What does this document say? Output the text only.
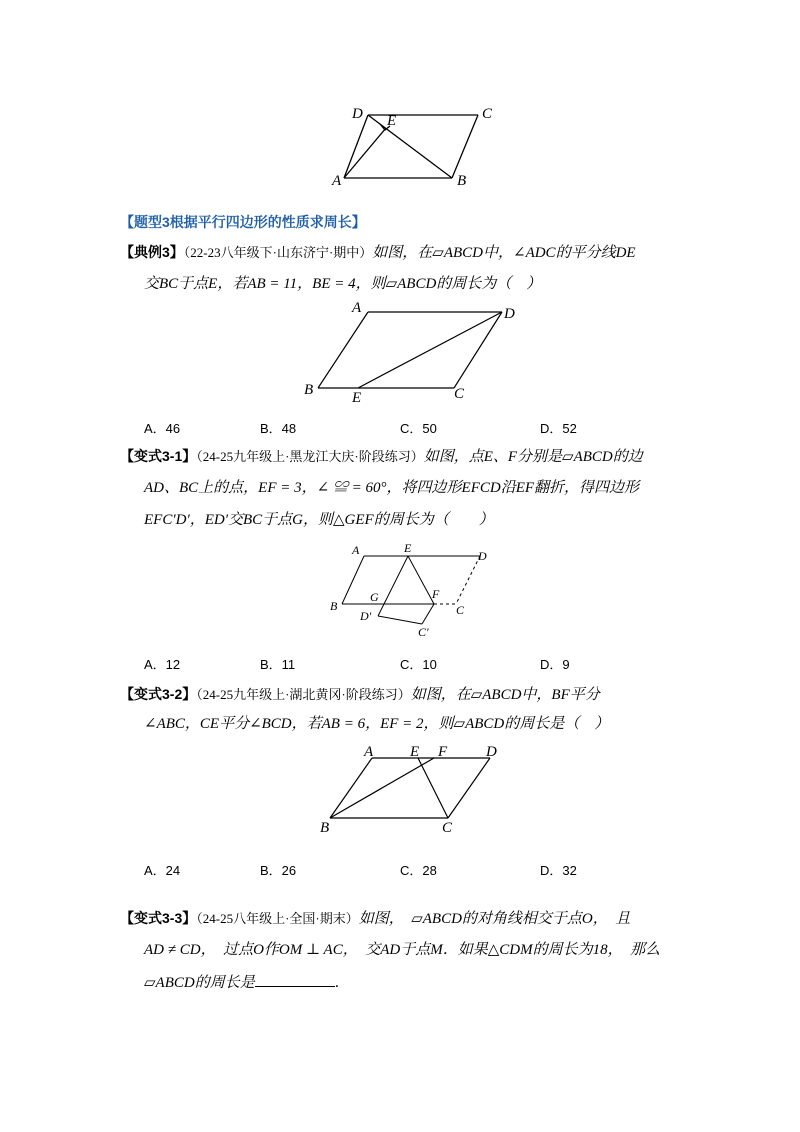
D E	C
A	B
【题型3根据平行四边形的性质求周长】
【典例3】（22-23八年级下·山东济宁·期中）如图，在▱ABCD中，∠ADC的平分线DE
交BC于点E，若AB = 11，BE = 4，则▱ABCD的周长为（　）
A	D
B	E	C
A．46	B．48	C．50	D．52
【变式3-1】（24-25九年级上·黑龙江大庆·阶段练习）如图，点E、F分别是▱ABCD的边
AD、BC上的点，EF = 3，∠ ≌ = 60°，将四边形EFCD沿EF翻折，得四边形
EFC′D′，ED′交BC于点G，则△GEF的周长为（　　）
A	E
D
G	F
B
D′	C
C′
A．12	B．11	C．10	D．9
【变式3-2】（24-25九年级上·湖北黄冈·阶段练习）如图，在▱ABCD中，BF平分
∠ABC，CE平分∠BCD，若AB = 6，EF = 2，则▱ABCD的周长是（　）
A E F	D
B	C
A．24	B．26	C．28	D．32
【变式3-3】（24-25八年级上·全国·期末）如图，　▱ABCD的对角线相交于点O，　且
AD ≠ CD，　过点O作OM ⊥ AC，　交AD于点M．如果△CDM的周长为18，　那么
▱ABCD的周长是	．
